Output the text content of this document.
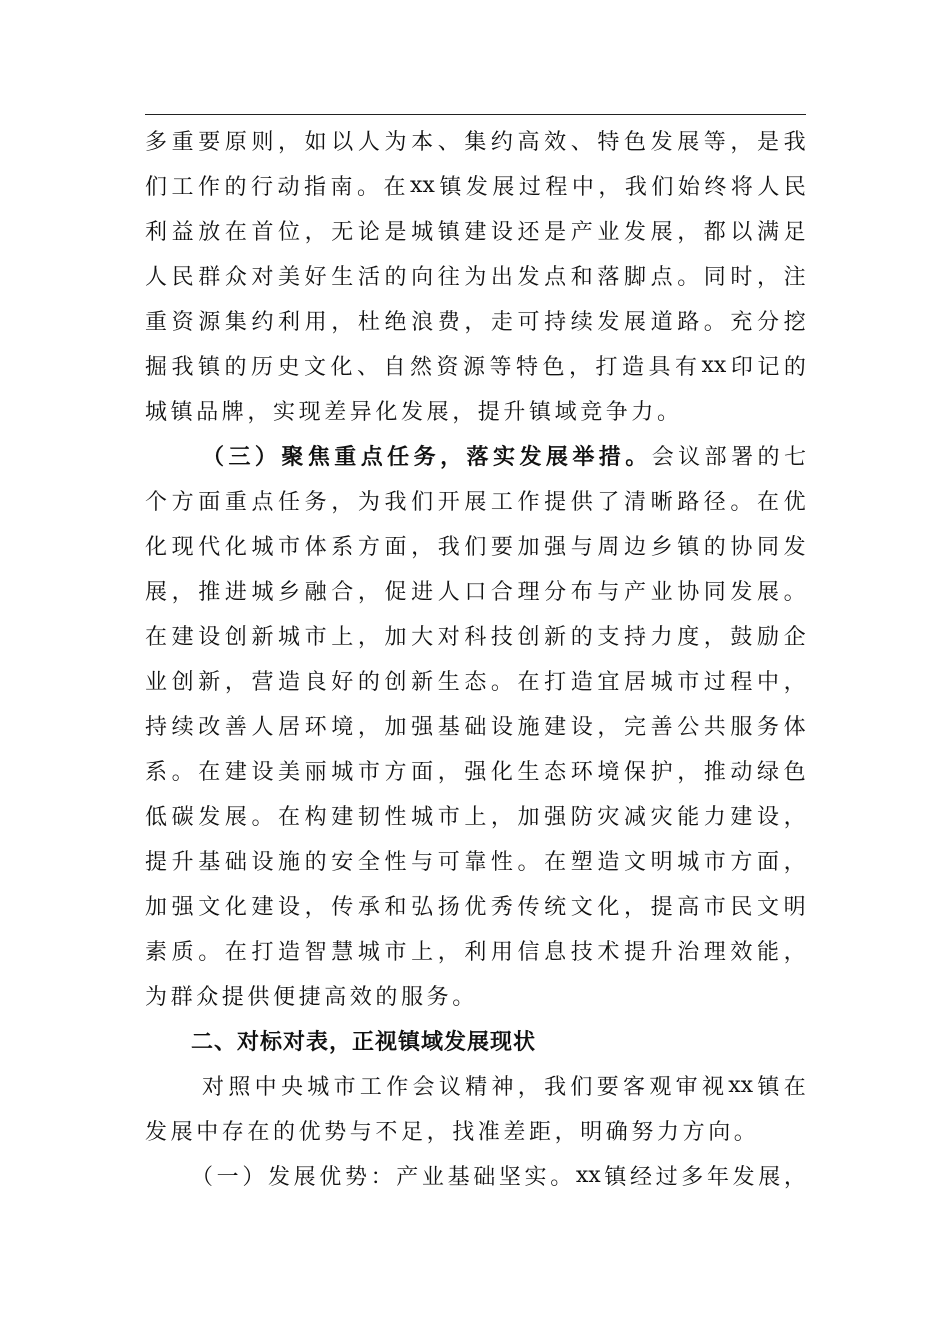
多 重 要 原 则 ， 如 以 人 为 本 、 集 约 高 效 、 特 色 发 展 等 ， 是 我
们 工 作 的 行 动 指 南 。 在 xx 镇 发 展 过 程 中 ， 我 们 始 终 将 人 民
利 益 放 在 首 位 ， 无 论 是 城 镇 建 设 还 是 产 业 发 展 ， 都 以 满 足
人 民 群 众 对 美 好 生 活 的 向 往 为 出 发 点 和 落 脚 点 。 同 时 ， 注
重 资 源 集 约 利 用 ， 杜 绝 浪 费 ， 走 可 持 续 发 展 道 路 。 充 分 挖
掘 我 镇 的 历 史 文 化 、 自 然 资 源 等 特 色 ， 打 造 具 有 xx 印 记 的
城镇品牌，实现差异化发展，提升镇域竞争力。
（ 三 ） 聚 焦 重 点 任 务 ， 落 实 发 展 举 措 。 会 议 部 署 的 七
个 方 面 重 点 任 务 ， 为 我 们 开 展 工 作 提 供 了 清 晰 路 径 。 在 优
化 现 代 化 城 市 体 系 方 面 ， 我 们 要 加 强 与 周 边 乡 镇 的 协 同 发
展 ， 推 进 城 乡 融 合 ， 促 进 人 口 合 理 分 布 与 产 业 协 同 发 展 。
在 建 设 创 新 城 市 上 ， 加 大 对 科 技 创 新 的 支 持 力 度 ， 鼓 励 企
业 创 新 ， 营 造 良 好 的 创 新 生 态 。 在 打 造 宜 居 城 市 过 程 中 ，
持 续 改 善 人 居 环 境 ， 加 强 基 础 设 施 建 设 ， 完 善 公 共 服 务 体
系 。 在 建 设 美 丽 城 市 方 面 ， 强 化 生 态 环 境 保 护 ， 推 动 绿 色
低 碳 发 展 。 在 构 建 韧 性 城 市 上 ， 加 强 防 灾 减 灾 能 力 建 设 ，
提 升 基 础 设 施 的 安 全 性 与 可 靠 性 。 在 塑 造 文 明 城 市 方 面 ，
加 强 文 化 建 设 ， 传 承 和 弘 扬 优 秀 传 统 文 化 ， 提 高 市 民 文 明
素 质 。 在 打 造 智 慧 城 市 上 ， 利 用 信 息 技 术 提 升 治 理 效 能 ，
为群众提供便捷高效的服务。
二、对标对表，正视镇域发展现状
对 照 中 央 城 市 工 作 会 议 精 神 ， 我 们 要 客 观 审 视 xx 镇 在
发展中存在的优势与不足，找准差距，明确努力方向。
（ 一 ） 发 展 优 势 ： 产 业 基 础 坚 实 。 xx 镇 经 过 多 年 发 展 ，
